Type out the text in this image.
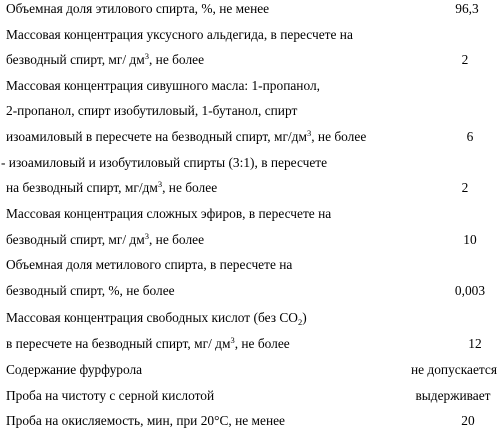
Объемная доля этилового спирта, %, не менее	96,3
Массовая концентрация уксусного альдегида, в пересчете на
безводный спирт, мг/ $дм^3$, не более	2
Массовая концентрация сивушного масла: 1-пропанол,
2-пропанол, спирт изобутиловый, 1-бутанол, спирт
изоамиловый в пересчете на безводный спирт, $мг/дм^3$, не более	6
- изоамиловый и изобутиловый спирты (3:1), в пересчете
на безводный спирт, $мг/дм^3$, не более	2
Массовая концентрация сложных эфиров, в пересчете на
безводный спирт, мг/ $дм^3$, не более	10
Объемная доля метилового спирта, в пересчете на
безводный спирт, %, не более	0,003
Массовая концентрация свободных кислот (без $СО_2$)
в пересчете на безводный спирт, мг/ $дм^3$, не более	12
Содержание фурфурола	не допускается
Проба на чистоту с серной кислотой	выдерживает
Проба на окисляемость, мин, при 20°С, не менее	20
